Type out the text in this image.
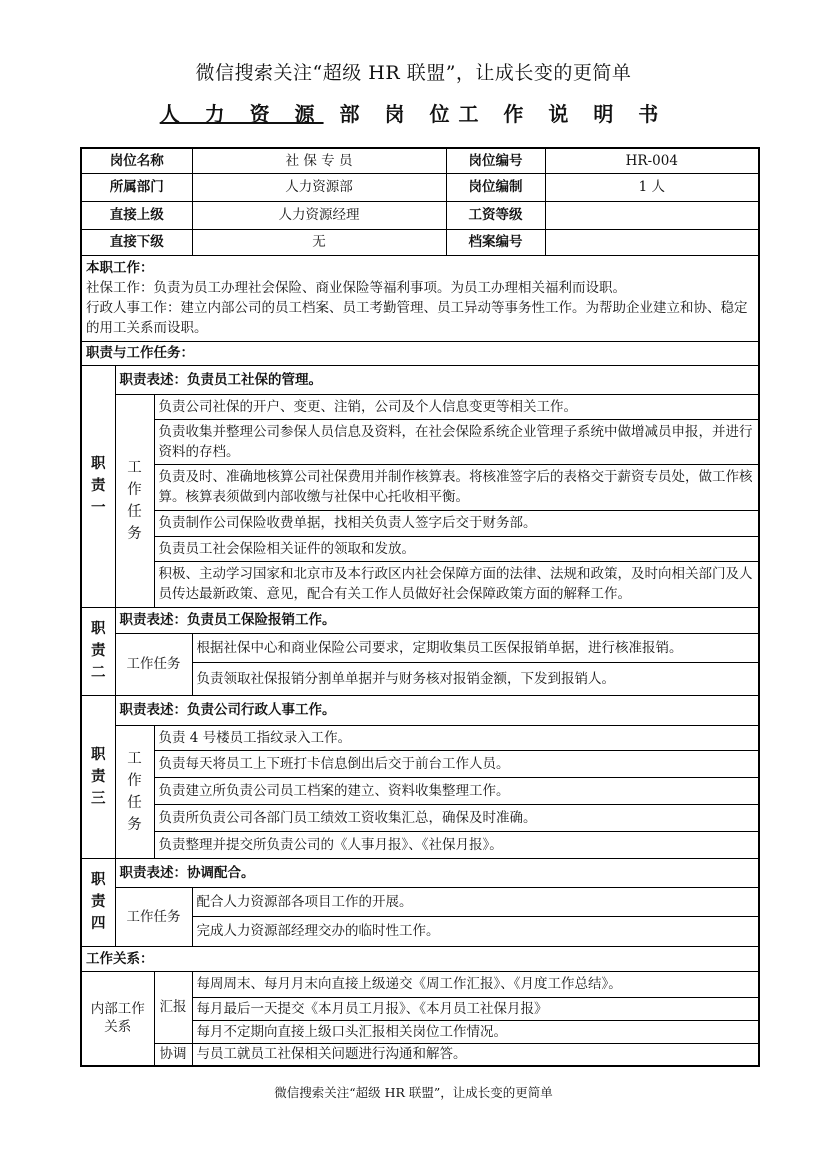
微信搜索关注“超级 HR 联盟”，让成长变的更简单
人 力 资 源 部 岗 位工 作 说 明 书
岗位名称			社 保 专 员	岗位编号	HR-004
所属部门			人力资源部	岗位编制	1 人
直接上级			人力资源经理	工资等级	
直接下级			无	档案编号	

本职工作：
社保工作：负责为员工办理社会保险、商业保险等福利事项。为员工办理相关福利而设职。
行政人事工作：建立内部公司的员工档案、员工考勤管理、员工异动等事务性工作。为帮助企业建立和协、稳定的用工关系而设职。					

职责与工作任务：					

职
责
一	职责表述：负责员工社保的管理。				

	工
作
任
务	负责公司社保的开户、变更、注销，公司及个人信息变更等相关工作。			
		负责收集并整理公司参保人员信息及资料，在社会保险系统企业管理子系统中做增减员申报，并进行资料的存档。			
		负责及时、准确地核算公司社保费用并制作核算表。将核准签字后的表格交于薪资专员处，做工作核算。核算表须做到内部收缴与社保中心托收相平衡。			
		负责制作公司保险收费单据，找相关负责人签字后交于财务部。			
		负责员工社会保险相关证件的领取和发放。			
		积极、主动学习国家和北京市及本行政区内社会保障方面的法律、法规和政策，及时向相关部门及人员传达最新政策、意见，配合有关工作人员做好社会保障政策方面的解释工作。			

职
责
二	职责表述：负责员工保险报销工作。				
	工作任务		根据社保中心和商业保险公司要求，定期收集员工医保报销单据，进行核准报销。		
			负责领取社保报销分割单单据并与财务核对报销金额，下发到报销人。		

职
责
三	职责表述：负责公司行政人事工作。				

	工
作
任
务	负责 4 号楼员工指纹录入工作。			
		负责每天将员工上下班打卡信息倒出后交于前台工作人员。			
		负责建立所负责公司员工档案的建立、资料收集整理工作。			
		负责所负责公司各部门员工绩效工资收集汇总，确保及时准确。			
		负责整理并提交所负责公司的《人事月报》、《社保月报》。			

职
责
四	职责表述：协调配合。				
	工作任务		配合人力资源部各项目工作的开展。		
			完成人力资源部经理交办的临时性工作。		
工作关系：					
内部工作关系		汇报	每周周末、每月月末向直接上级递交《周工作汇报》、《月度工作总结》。		
			每月最后一天提交《本月员工月报》、《本月员工社保月报》		
			每月不定期向直接上级口头汇报相关岗位工作情况。		
		协调	与员工就员工社保相关问题进行沟通和解答。		
微信搜索关注“超级 HR 联盟”，让成长变的更简单
